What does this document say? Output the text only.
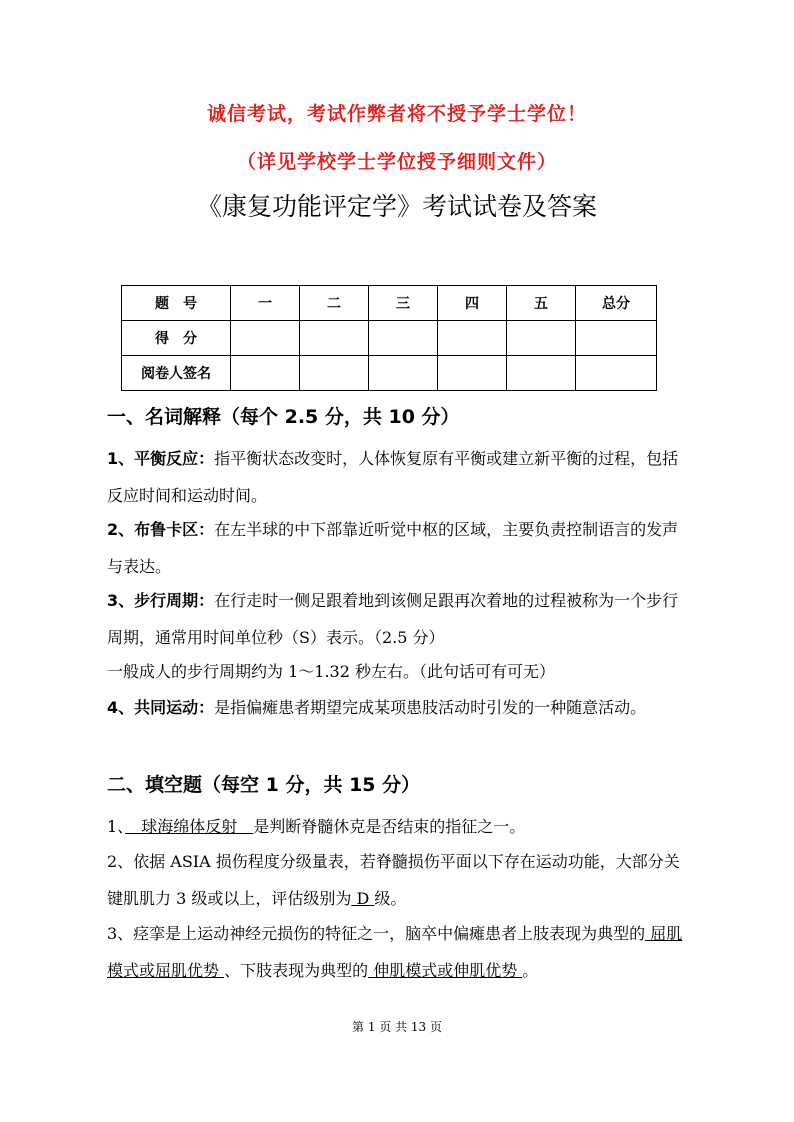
诚信考试，考试作弊者将不授予学士学位！
（详见学校学士学位授予细则文件）
《康复功能评定学》考试试卷及答案
题　号	一	二	三	四	五	总分
得　分						
阅卷人签名						
一、名词解释（每个 2.5 分，共 10 分）
1、平衡反应：指平衡状态改变时，人体恢复原有平衡或建立新平衡的过程，包括反应时间和运动时间。
2、布鲁卡区：在左半球的中下部靠近听觉中枢的区域，主要负责控制语言的发声与表达。
3、步行周期：在行走时一侧足跟着地到该侧足跟再次着地的过程被称为一个步行周期，通常用时间单位秒（S）表示。（2.5 分）
一般成人的步行周期约为 1～1.32 秒左右。（此句话可有可无）
4、共同运动：是指偏瘫患者期望完成某项患肢活动时引发的一种随意活动。
二、填空题（每空 1 分，共 15 分）
1、　球海绵体反射　是判断脊髓休克是否结束的指征之一。
2、依据 ASIA 损伤程度分级量表，若脊髓损伤平面以下存在运动功能，大部分关键肌肌力 3 级或以上，评估级别为 D 级。
3、痉挛是上运动神经元损伤的特征之一，脑卒中偏瘫患者上肢表现为典型的 屈肌模式或屈肌优势 、下肢表现为典型的 伸肌模式或伸肌优势 。
第 1 页 共 13 页
